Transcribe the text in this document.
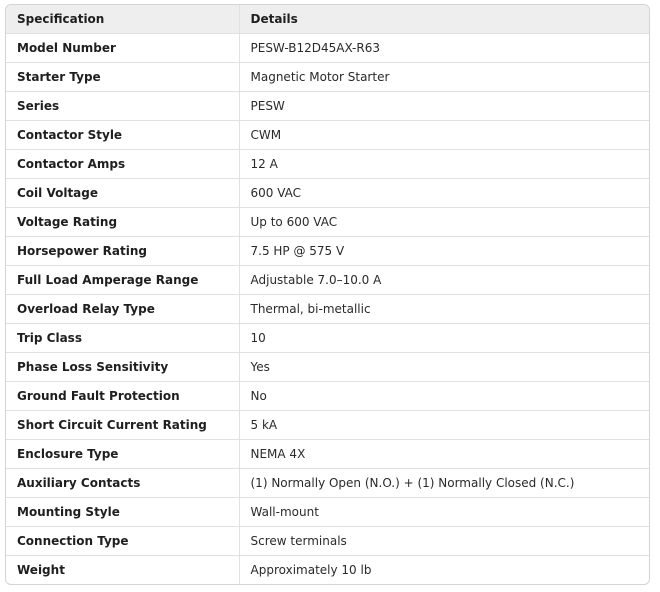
Specification	Details
Model Number	PESW-B12D45AX-R63
Starter Type	Magnetic Motor Starter
Series	PESW
Contactor Style	CWM
Contactor Amps	12 A
Coil Voltage	600 VAC
Voltage Rating	Up to 600 VAC
Horsepower Rating	7.5 HP @ 575 V
Full Load Amperage Range	Adjustable 7.0–10.0 A
Overload Relay Type	Thermal, bi-metallic
Trip Class	10
Phase Loss Sensitivity	Yes
Ground Fault Protection	No
Short Circuit Current Rating	5 kA
Enclosure Type	NEMA 4X
Auxiliary Contacts	(1) Normally Open (N.O.) + (1) Normally Closed (N.C.)
Mounting Style	Wall-mount
Connection Type	Screw terminals
Weight	Approximately 10 lb
